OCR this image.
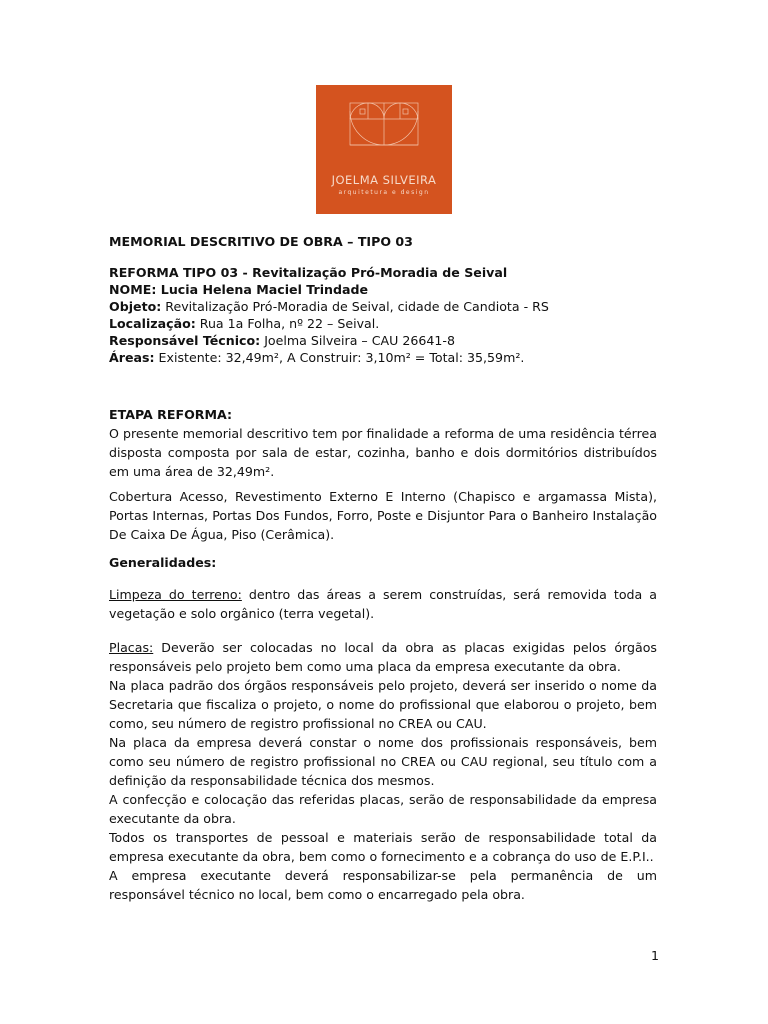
JOELMA SILVEIRA
arquitetura e design
MEMORIAL DESCRITIVO DE OBRA – TIPO 03

REFORMA TIPO 03 - Revitalização Pró-Moradia de Seival

NOME: Lucia Helena Maciel Trindade

Objeto: Revitalização Pró-Moradia de Seival, cidade de Candiota - RS

Localização: Rua 1a Folha, nº 22 – Seival.

Responsável Técnico: Joelma Silveira – CAU 26641-8

Áreas: Existente: 32,49m², A Construir: 3,10m² = Total: 35,59m².

ETAPA REFORMA:

O presente memorial descritivo tem por finalidade a reforma de uma residência térrea disposta composta por sala de estar, cozinha, banho e dois dormitórios distribuídos em uma área de 32,49m².

Cobertura Acesso, Revestimento Externo E Interno (Chapisco e argamassa Mista), Portas Internas, Portas Dos Fundos, Forro, Poste e Disjuntor Para o Banheiro Instalação De Caixa De Água, Piso (Cerâmica).
Generalidades:
Limpeza do terreno: dentro das áreas a serem construídas, será removida toda a vegetação e solo orgânico (terra vegetal).

Placas: Deverão ser colocadas no local da obra as placas exigidas pelos órgãos responsáveis pelo projeto bem como uma placa da empresa executante da obra.

Na placa padrão dos órgãos responsáveis pelo projeto, deverá ser inserido o nome da Secretaria que fiscaliza o projeto, o nome do profissional que elaborou o projeto, bem como, seu número de registro profissional no CREA ou CAU.

Na placa da empresa deverá constar o nome dos profissionais responsáveis, bem como seu número de registro profissional no CREA ou CAU regional, seu título com a definição da responsabilidade técnica dos mesmos.

A confecção e colocação das referidas placas, serão de responsabilidade da empresa executante da obra.

Todos os transportes de pessoal e materiais serão de responsabilidade total da empresa executante da obra, bem como o fornecimento e a cobrança do uso de E.P.I..

A empresa executante deverá responsabilizar-se pela permanência de um responsável técnico no local, bem como o encarregado pela obra.

1
